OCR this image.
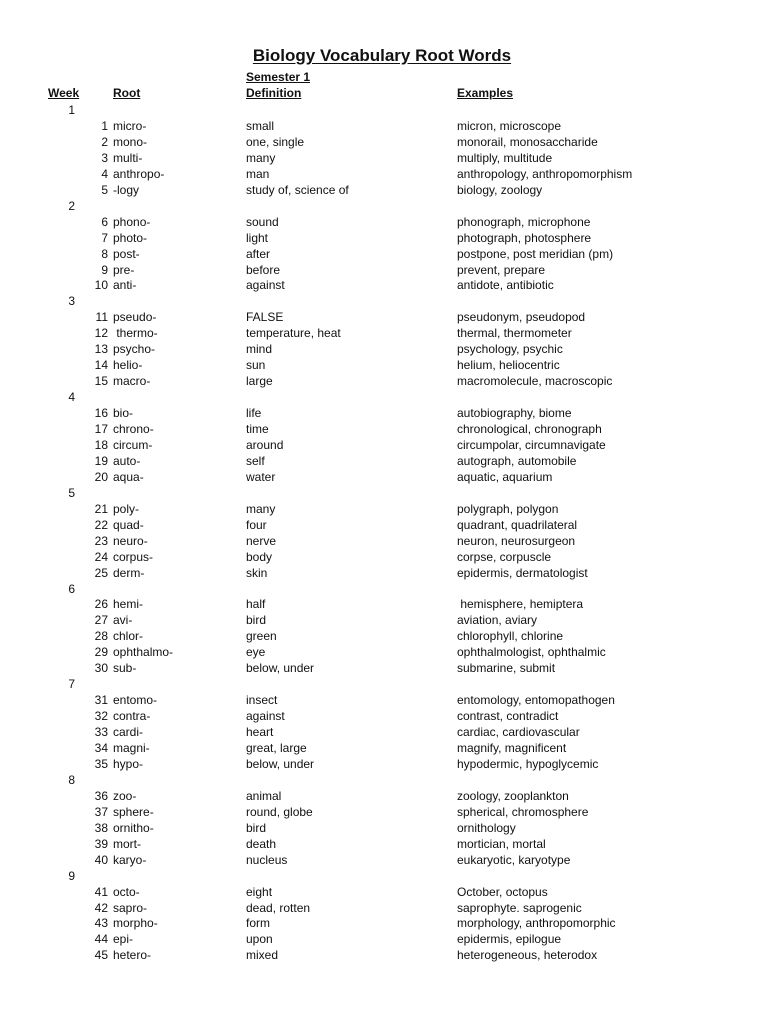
Biology Vocabulary Root Words
Semester 1
Week	Root	Definition	Examples
1
1 micro-	small	micron, microscope
2 mono-	one, single	monorail, monosaccharide
3 multi-	many	multiply, multitude
4 anthropo-	man	anthropology, anthropomorphism
5 -logy	study of, science of	biology, zoology
2
6 phono-	sound	phonograph, microphone
7 photo-	light	photograph, photosphere
8 post-	after	postpone, post meridian (pm)
9 pre-	before	prevent, prepare
10 anti-	against	antidote, antibiotic
3
11 pseudo-	FALSE	pseudonym, pseudopod
12 thermo-	temperature, heat	thermal, thermometer
13 psycho-	mind	psychology, psychic
14 helio-	sun	helium, heliocentric
15 macro-	large	macromolecule, macroscopic
4
16 bio-	life	autobiography, biome
17 chrono-	time	chronological, chronograph
18 circum-	around	circumpolar, circumnavigate
19 auto-	self	autograph, automobile
20 aqua-	water	aquatic, aquarium
5
21 poly-	many	polygraph, polygon
22 quad-	four	quadrant, quadrilateral
23 neuro-	nerve	neuron, neurosurgeon
24 corpus-	body	corpse, corpuscle
25 derm-	skin	epidermis, dermatologist
6
26 hemi-	half	hemisphere, hemiptera
27 avi-	bird	aviation, aviary
28 chlor-	green	chlorophyll, chlorine
29 ophthalmo-	eye	ophthalmologist, ophthalmic
30 sub-	below, under	submarine, submit
7
31 entomo-	insect	entomology, entomopathogen
32 contra-	against	contrast, contradict
33 cardi-	heart	cardiac, cardiovascular
34 magni-	great, large	magnify, magnificent
35 hypo-	below, under	hypodermic, hypoglycemic
8
36 zoo-	animal	zoology, zooplankton
37 sphere-	round, globe	spherical, chromosphere
38 ornitho-	bird	ornithology
39 mort-	death	mortician, mortal
40 karyo-	nucleus	eukaryotic, karyotype
9
41 octo-	eight	October, octopus
42 sapro-	dead, rotten	saprophyte. saprogenic
43 morpho-	form	morphology, anthropomorphic
44 epi-	upon	epidermis, epilogue
45 hetero-	mixed	heterogeneous, heterodox
